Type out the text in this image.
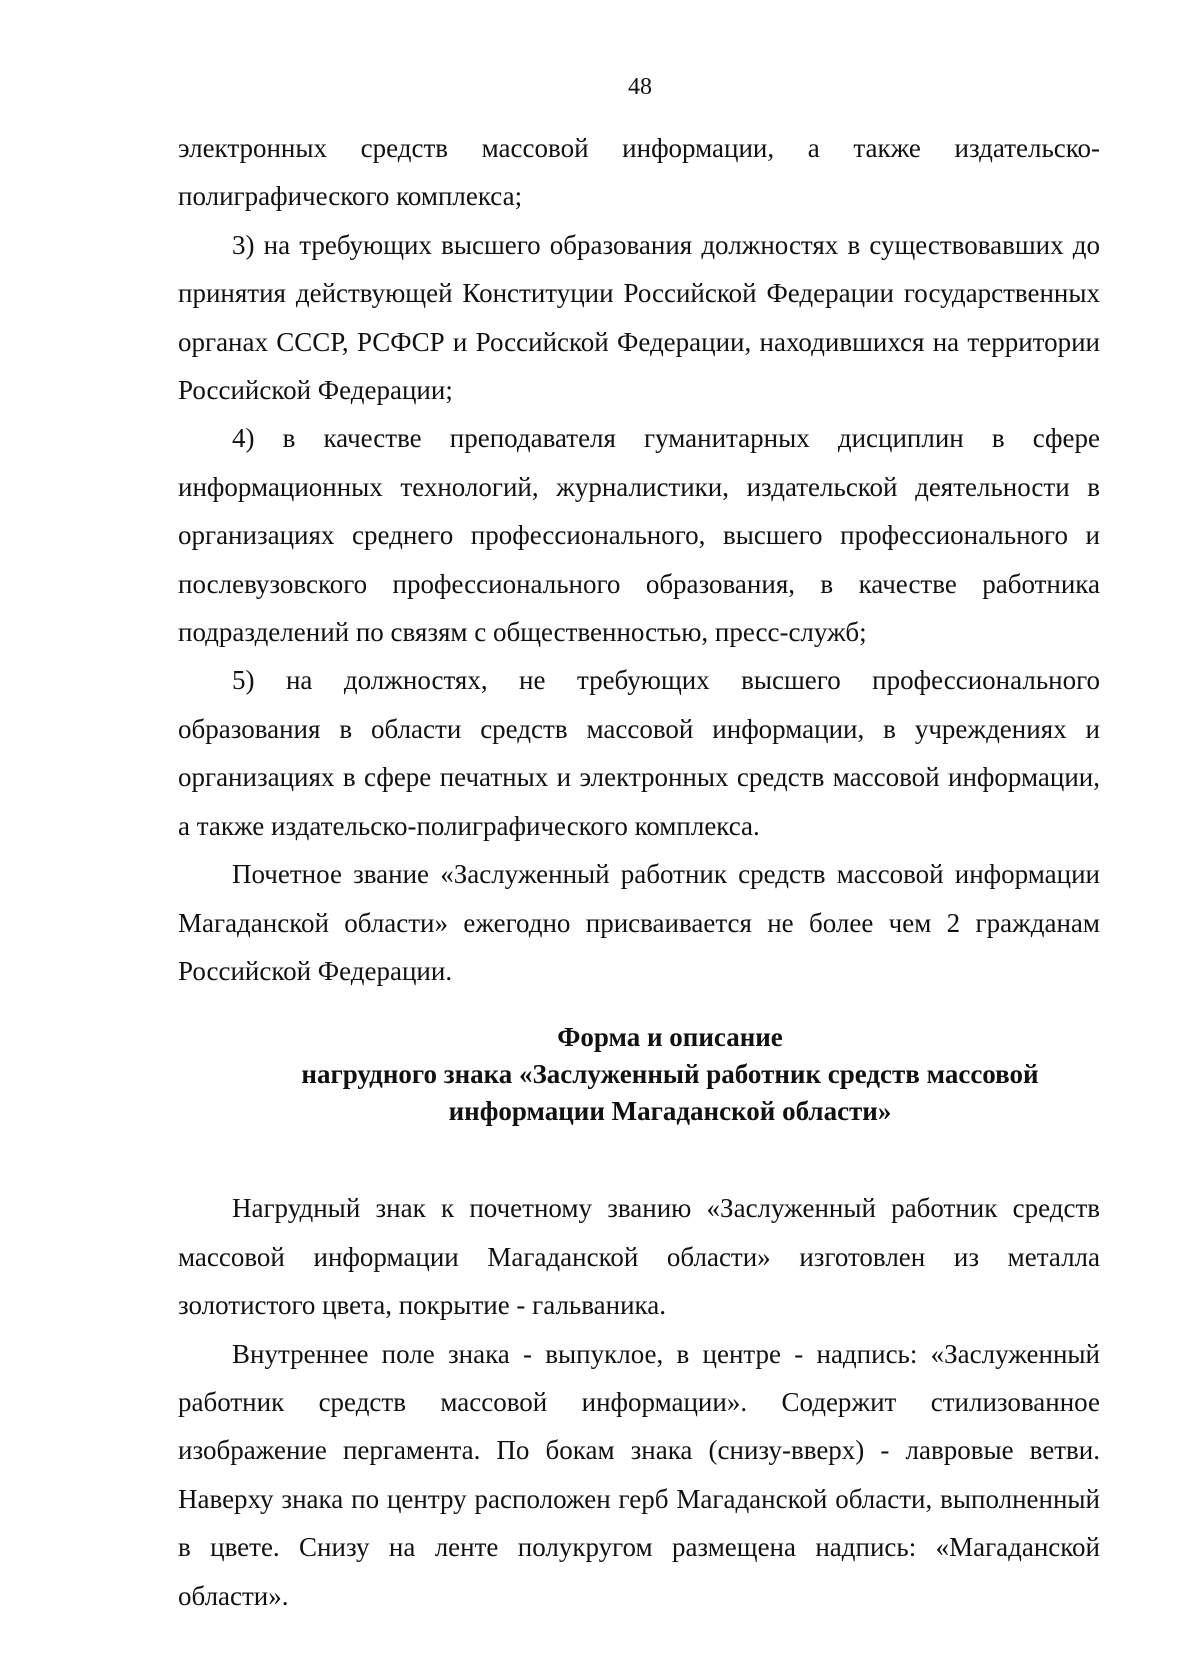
48

электронных средств массовой информации, а также издательско-полиграфического комплекса;

3) на требующих высшего образования должностях в существовавших до принятия действующей Конституции Российской Федерации государственных органах СССР, РСФСР и Российской Федерации, находившихся на территории Российской Федерации;

4) в качестве преподавателя гуманитарных дисциплин в сфере информационных технологий, журналистики, издательской деятельности в организациях среднего профессионального, высшего профессионального и послевузовского профессионального образования, в качестве работника подразделений по связям с общественностью, пресс-служб;

5) на должностях, не требующих высшего профессионального образования в области средств массовой информации, в учреждениях и организациях в сфере печатных и электронных средств массовой информации, а также издательско-полиграфического комплекса.

Почетное звание «Заслуженный работник средств массовой информации Магаданской области» ежегодно присваивается не более чем 2 гражданам Российской Федерации.

Форма и описание
нагрудного знака «Заслуженный работник средств массовой
информации Магаданской области»

Нагрудный знак к почетному званию «Заслуженный работник средств массовой информации Магаданской области» изготовлен из металла золотистого цвета, покрытие - гальваника.

Внутреннее поле знака - выпуклое, в центре - надпись: «Заслуженный работник средств массовой информации». Содержит стилизованное изображение пергамента. По бокам знака (снизу-вверх) - лавровые ветви. Наверху знака по центру расположен герб Магаданской области, выполненный в цвете. Снизу на ленте полукругом размещена надпись: «Магаданской области».
